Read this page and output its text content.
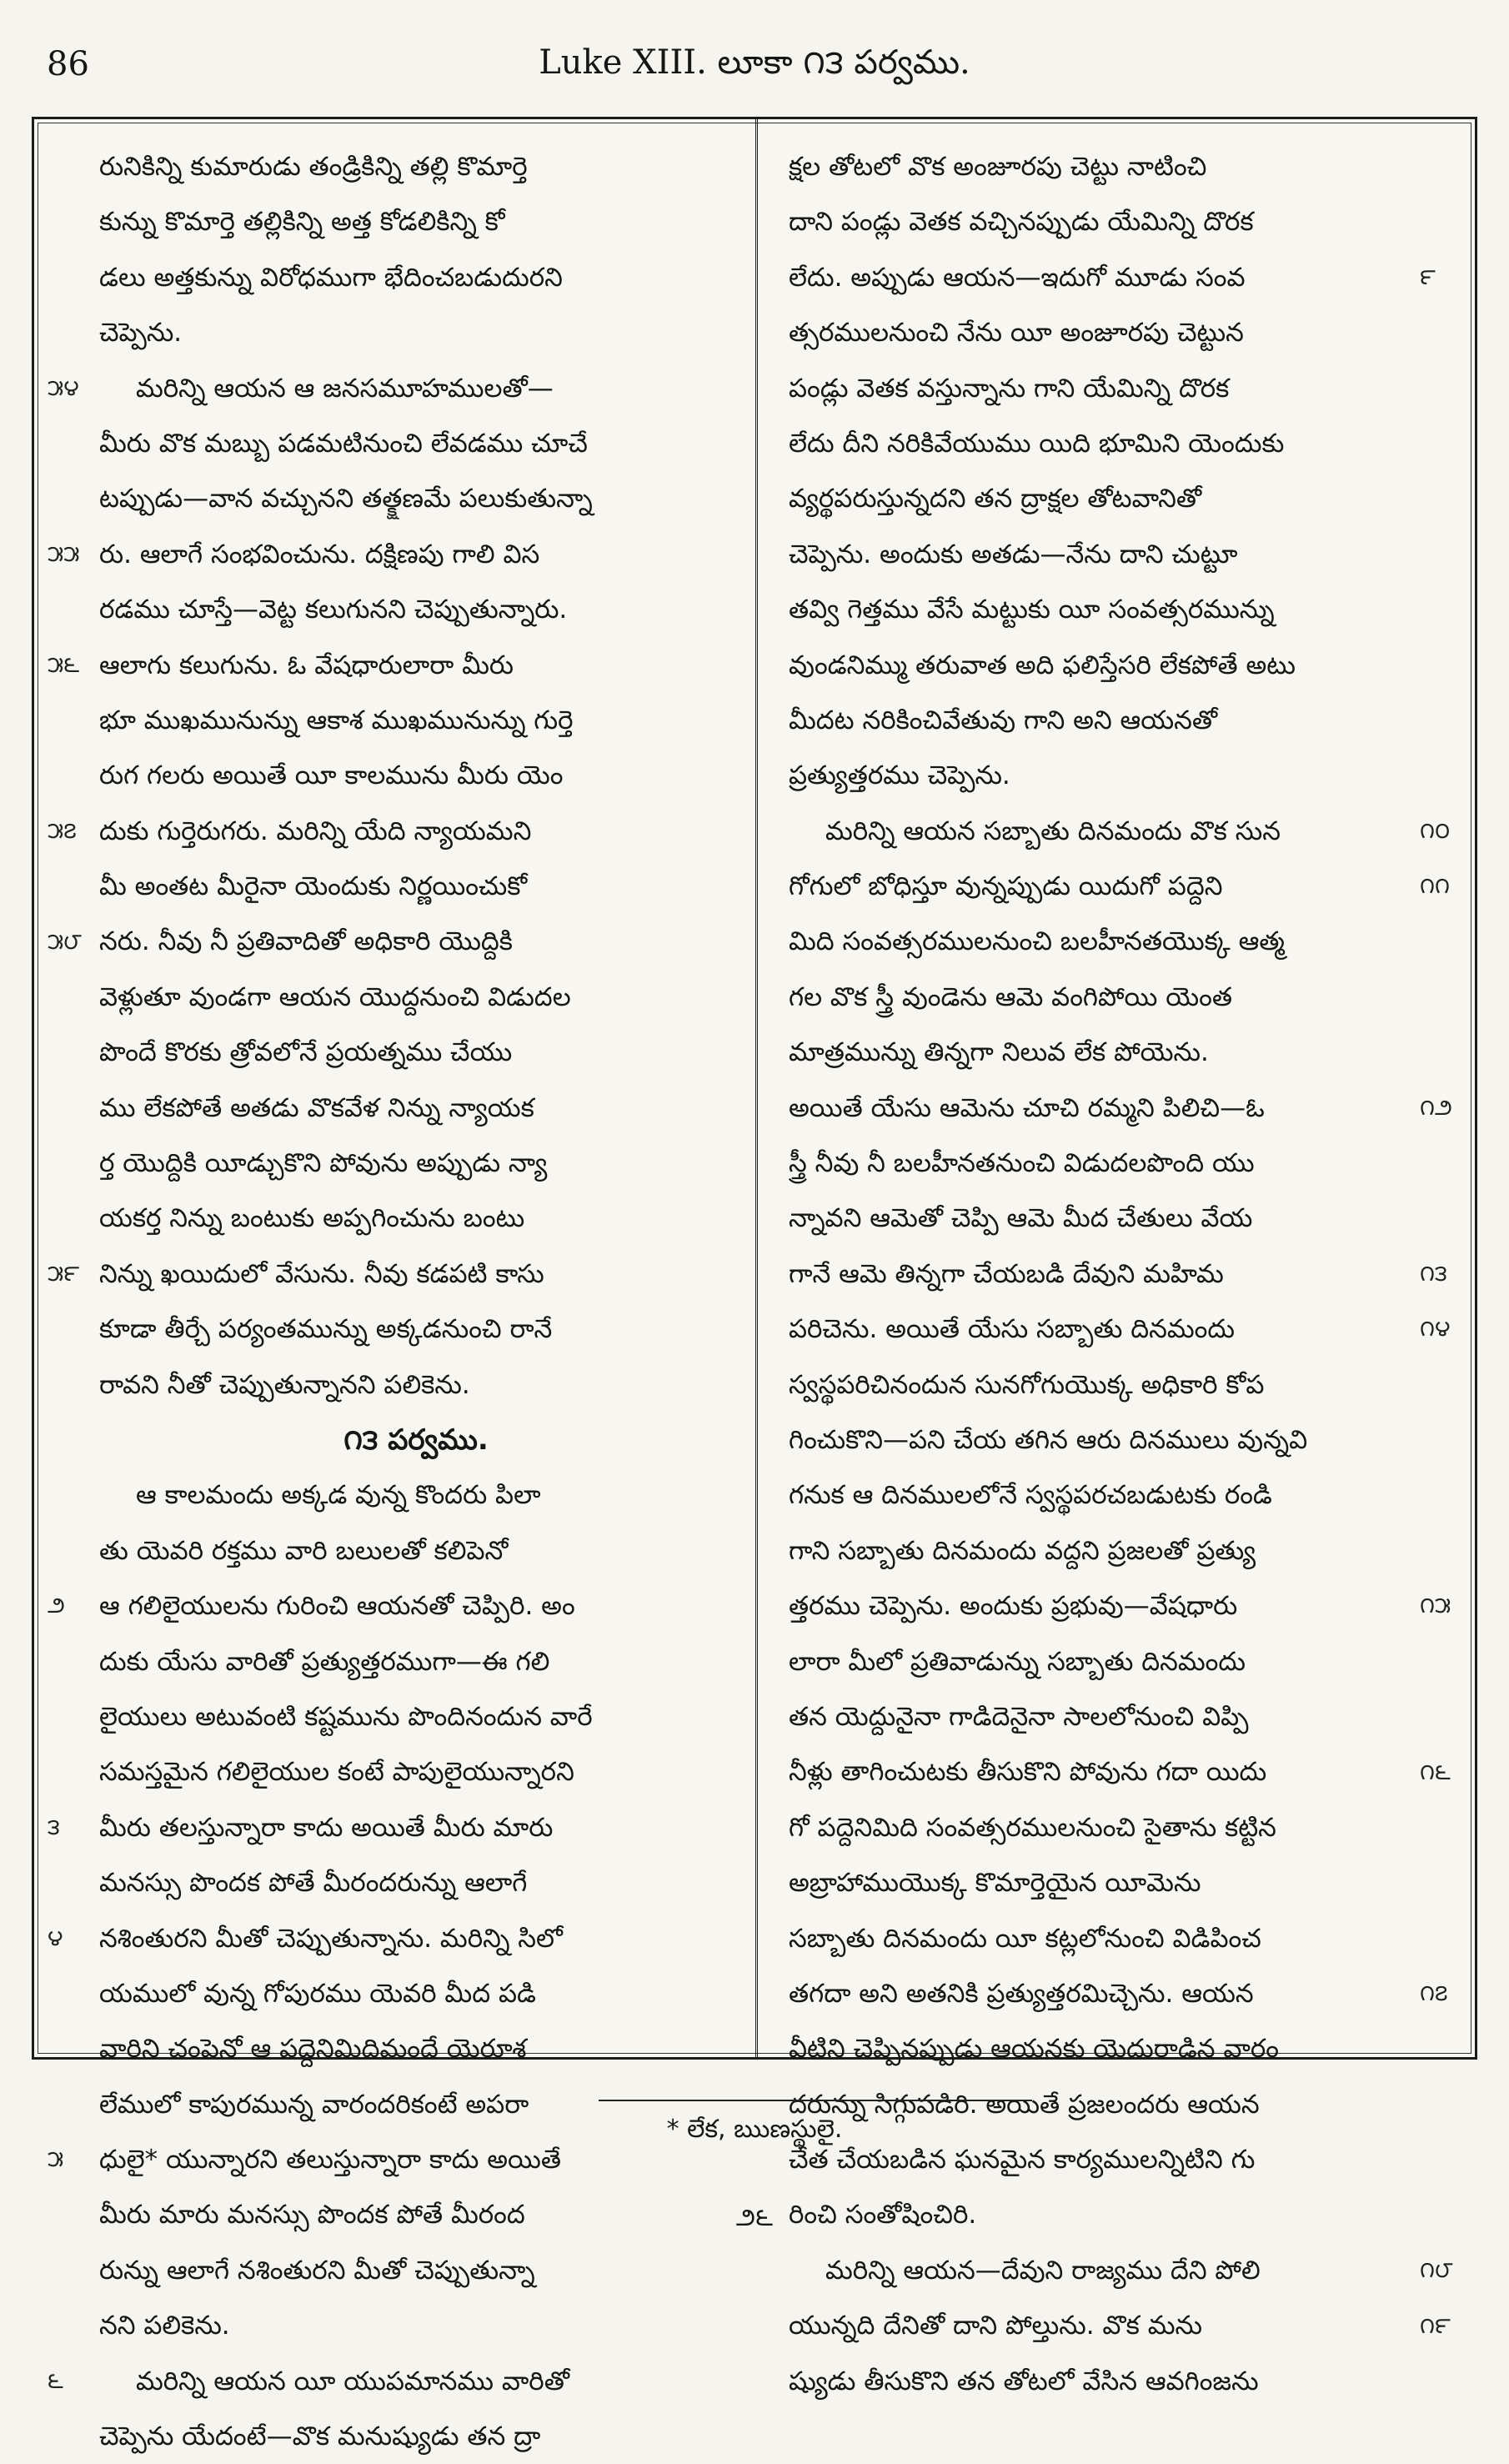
86	Luke XIII. లూకా ౧౩ పర్వము.
రునికిన్ని కుమారుడు తండ్రికిన్ని తల్లి కొమార్తె
కున్ను కొమార్తె తల్లికిన్ని అత్త కోడలికిన్ని కో
డలు అత్తకున్ను విరోధముగా భేదించబడుదురని
చెప్పెను.
మరిన్ని ఆయన ఆ జనసమూహములతో—
మీరు వొక మబ్బు పడమటినుంచి లేవడము చూచే
టప్పుడు—వాన వచ్చునని తత్క్షణమే పలుకుతున్నా
రు. ఆలాగే సంభవించును. దక్షిణపు గాలి విస
రడము చూస్తే—వెట్ట కలుగునని చెప్పుతున్నారు.
ఆలాగు కలుగును. ఓ వేషధారులారా మీరు
భూ ముఖమునున్ను ఆకాశ ముఖమునున్ను గుర్తె
రుగ గలరు అయితే యీ కాలమును మీరు యెం
దుకు గుర్తెరుగరు. మరిన్ని యేది న్యాయమని
మీ అంతట మీరైనా యెందుకు నిర్ణయించుకో
నరు. నీవు నీ ప్రతివాదితో అధికారి యొద్దికి
వెళ్లుతూ వుండగా ఆయన యొద్దనుంచి విడుదల
పొందే కొరకు త్రోవలోనే ప్రయత్నము చేయు
ము లేకపోతే అతడు వొకవేళ నిన్ను న్యాయక
ర్త యొద్దికి యీడ్చుకొని పోవును అప్పుడు న్యా
యకర్త నిన్ను బంటుకు అప్పగించును బంటు
నిన్ను ఖయిదులో వేసును. నీవు కడపటి కాసు
కూడా తీర్చే పర్యంతమున్ను అక్కడనుంచి రానే
రావని నీతో చెప్పుతున్నానని పలికెను.
౧౩ పర్వము.
ఆ కాలమందు అక్కడ వున్న కొందరు పిలా
తు యెవరి రక్తము వారి బలులతో కలిపెనో
ఆ గలిలైయులను గురించి ఆయనతో చెప్పిరి. అం
దుకు యేసు వారితో ప్రత్యుత్తరముగా—ఈ గలి
లైయులు అటువంటి కష్టమును పొందినందున వారే
సమస్తమైన గలిలైయుల కంటే పాపులైయున్నారని
మీరు తలస్తున్నారా కాదు అయితే మీరు మారు
మనస్సు పొందక పోతే మీరందరున్ను ఆలాగే
నశింతురని మీతో చెప్పుతున్నాను. మరిన్ని సిలో
యములో వున్న గోపురము యెవరి మీద పడి
వారిని చంపెనో ఆ పద్దెనిమిదిమందే యెరూశ
లేములో కాపురమున్న వారందరికంటే అపరా
ధులై* యున్నారని తలుస్తున్నారా కాదు అయితే
మీరు మారు మనస్సు పొందక పోతే మీరంద
రున్ను ఆలాగే నశింతురని మీతో చెప్పుతున్నా
నని పలికెను.
మరిన్ని ఆయన యీ యుపమానము వారితో
చెప్పెను యేదంటే—వొక మనుష్యుడు తన ద్రా
క్షల తోటలో వొక అంజూరపు చెట్టు నాటించి
దాని పండ్లు వెతక వచ్చినప్పుడు యేమిన్ని దొరక
లేదు. అప్పుడు ఆయన—ఇదుగో మూడు సంవ
త్సరములనుంచి నేను యీ అంజూరపు చెట్టున
పండ్లు వెతక వస్తున్నాను గాని యేమిన్ని దొరక
లేదు దీని నరికివేయుము యిది భూమిని యెందుకు
వ్యర్థపరుస్తున్నదని తన ద్రాక్షల తోటవానితో
చెప్పెను. అందుకు అతడు—నేను దాని చుట్టూ
తవ్వి గెత్తము వేసే మట్టుకు యీ సంవత్సరమున్ను
వుండనిమ్ము తరువాత అది ఫలిస్తేసరి లేకపోతే అటు
మీదట నరికించివేతువు గాని అని ఆయనతో
ప్రత్యుత్తరము చెప్పెను.
మరిన్ని ఆయన సబ్బాతు దినమందు వొక సున
గోగులో బోధిస్తూ వున్నప్పుడు యిదుగో పద్దెని
మిది సంవత్సరములనుంచి బలహీనతయొక్క ఆత్మ
గల వొక స్త్రీ వుండెను ఆమె వంగిపోయి యెంత
మాత్రమున్ను తిన్నగా నిలువ లేక పోయెను.
అయితే యేసు ఆమెను చూచి రమ్మని పిలిచి—ఓ
స్త్రీ నీవు నీ బలహీనతనుంచి విడుదలపొంది యు
న్నావని ఆమెతో చెప్పి ఆమె మీద చేతులు వేయ
గానే ఆమె తిన్నగా చేయబడి దేవుని మహిమ
పరిచెను. అయితే యేసు సబ్బాతు దినమందు
స్వస్థపరిచినందున సునగోగుయొక్క అధికారి కోప
గించుకొని—పని చేయ తగిన ఆరు దినములు వున్నవి
గనుక ఆ దినములలోనే స్వస్థపరచబడుటకు రండి
గాని సబ్బాతు దినమందు వద్దని ప్రజలతో ప్రత్యు
త్తరము చెప్పెను. అందుకు ప్రభువు—వేషధారు
లారా మీలో ప్రతివాడున్ను సబ్బాతు దినమందు
తన యెద్దునైనా గాడిదెనైనా సాలలోనుంచి విప్పి
నీళ్లు తాగించుటకు తీసుకొని పోవును గదా యిదు
గో పద్దెనిమిది సంవత్సరములనుంచి సైతాను కట్టిన
అబ్రాహాముయొక్క కొమార్తెయైన యీమెను
సబ్బాతు దినమందు యీ కట్లలోనుంచి విడిపించ
తగదా అని అతనికి ప్రత్యుత్తరమిచ్చెను. ఆయన
వీటిని చెప్పినప్పుడు ఆయనకు యెదురాడిన వారం
దరున్ను సిగ్గుపడిరి. అయితే ప్రజలందరు ఆయన
చేత చేయబడిన ఘనమైన కార్యములన్నిటిని గు
రించి సంతోషించిరి.
మరిన్ని ఆయన—దేవుని రాజ్యము దేని పోలి
యున్నది దేనితో దాని పోల్తును. వొక మను
ష్యుడు తీసుకొని తన తోటలో వేసిన ఆవగింజను
౫౪
౫౫
౫౬
౫౭
౫౮
౫౯
౨
౩
౪
౫
౬
౯
౧౦
౧౧
౧౨
౧౩
౧౪
౧౫
౧౬
౧౭
౧౮
౧౯
* లేక, ఋణస్థులై.
౨౬
